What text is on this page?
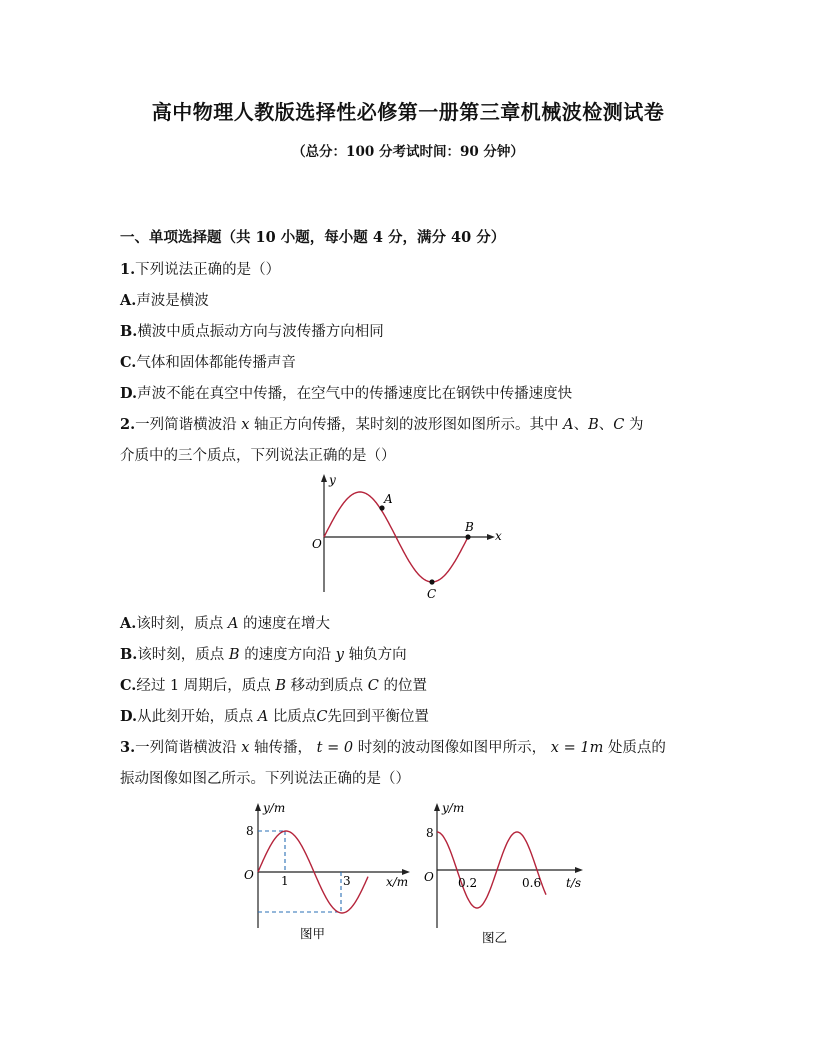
高中物理人教版选择性必修第一册第三章机械波检测试卷
（总分：100 分考试时间：90 分钟）
一、单项选择题（共 10 小题，每小题 4 分，满分 40 分）
1.下列说法正确的是（）
A.声波是横波
B.横波中质点振动方向与波传播方向相同
C.气体和固体都能传播声音
D.声波不能在真空中传播，在空气中的传播速度比在钢铁中传播速度快
2.一列简谐横波沿 x 轴正方向传播，某时刻的波形图如图所示。其中 A、B、C 为
介质中的三个质点，下列说法正确的是（）
y
x
O
A
B
C
A.该时刻，质点 A 的速度在增大
B.该时刻，质点 B 的速度方向沿 y 轴负方向
C.经过 1 周期后，质点 B 移动到质点 C 的位置
D.从此刻开始，质点 A 比质点C先回到平衡位置
3.一列简谐横波沿 x 轴传播， t = 0 时刻的波动图像如图甲所示， x = 1m 处质点的
振动图像如图乙所示。下列说法正确的是（）
y/m
8
O 1	3	x/m
图甲
y/m
8
O 0.2	0.6 t/s
图乙
